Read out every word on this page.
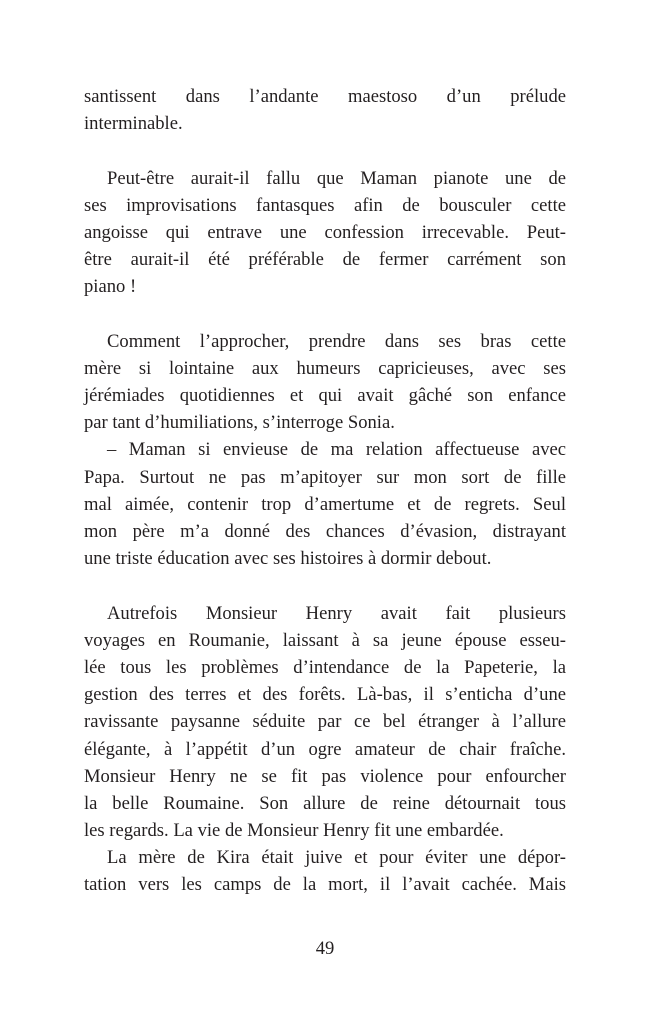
santissent dans l’andante maestoso d’un prélude
interminable.
Peut-être aurait-il fallu que Maman pianote une de
ses improvisations fantasques afin de bousculer cette
angoisse qui entrave une confession irrecevable. Peut-
être aurait-il été préférable de fermer carrément son
piano !
Comment l’approcher, prendre dans ses bras cette
mère si lointaine aux humeurs capricieuses, avec ses
jérémiades quotidiennes et qui avait gâché son enfance
par tant d’humiliations, s’interroge Sonia.
– Maman si envieuse de ma relation affectueuse avec
Papa. Surtout ne pas m’apitoyer sur mon sort de fille
mal aimée, contenir trop d’amertume et de regrets. Seul
mon père m’a donné des chances d’évasion, distrayant
une triste éducation avec ses histoires à dormir debout.
Autrefois Monsieur Henry avait fait plusieurs
voyages en Roumanie, laissant à sa jeune épouse esseu-
lée tous les problèmes d’intendance de la Papeterie, la
gestion des terres et des forêts. Là-bas, il s’enticha d’une
ravissante paysanne séduite par ce bel étranger à l’allure
élégante, à l’appétit d’un ogre amateur de chair fraîche.
Monsieur Henry ne se fit pas violence pour enfourcher
la belle Roumaine. Son allure de reine détournait tous
les regards. La vie de Monsieur Henry fit une embardée.
La mère de Kira était juive et pour éviter une dépor-
tation vers les camps de la mort, il l’avait cachée. Mais
49
